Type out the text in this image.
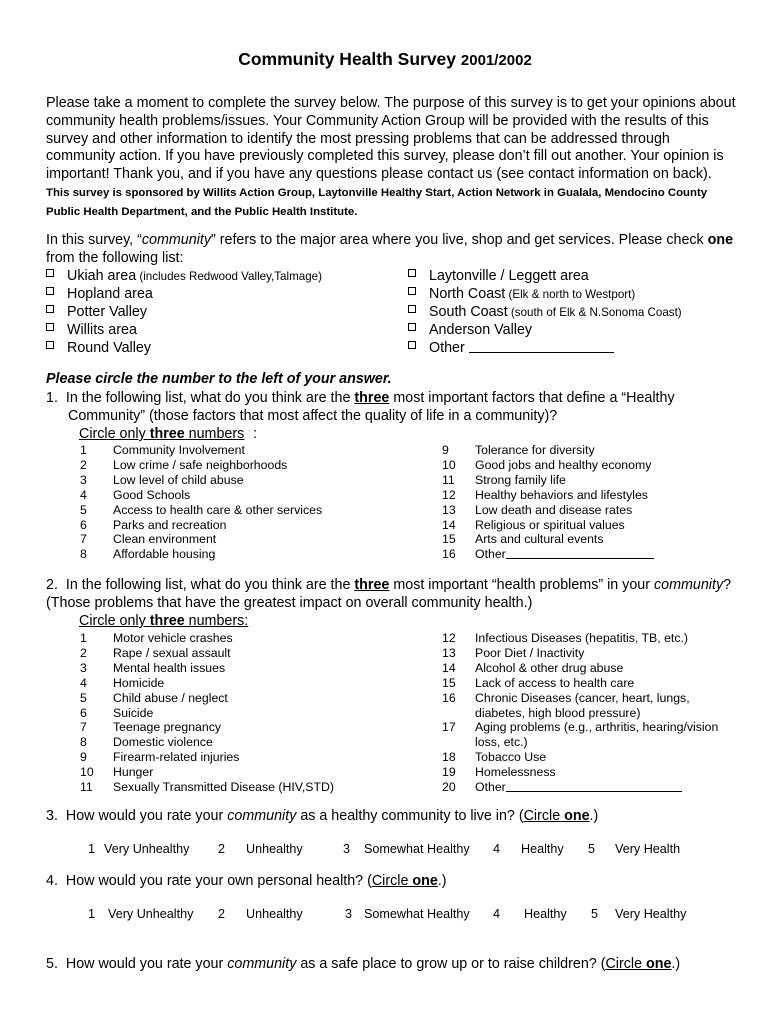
Community Health Survey 2001/2002
Please take a moment to complete the survey below. The purpose of this survey is to get your opinions about community health problems/issues. Your Community Action Group will be provided with the results of this survey and other information to identify the most pressing problems that can be addressed through community action. If you have previously completed this survey, please don’t fill out another. Your opinion is important! Thank you, and if you have any questions please contact us (see contact information on back). This survey is sponsored by Willits Action Group, Laytonville Healthy Start, Action Network in Gualala, Mendocino County Public Health Department, and the Public Health Institute.
In this survey, “community” refers to the major area where you live, shop and get services. Please check one from the following list:
Ukiah area (includes Redwood Valley,Talmage)
Hopland area
Potter Valley
Willits area
Round Valley
Laytonville / Leggett area
North Coast (Elk & north to Westport)
South Coast (south of Elk & N.Sonoma Coast)
Anderson Valley
Other
Please circle the number to the left of your answer.
1. In the following list, what do you think are the three most important factors that define a “Healthy Community” (those factors that most affect the quality of life in a community)?
Circle only three numbers :
1 Community Involvement
2 Low crime / safe neighborhoods
3 Low level of child abuse
4 Good Schools
5 Access to health care & other services
6 Parks and recreation
7 Clean environment
8 Affordable housing
9 Tolerance for diversity
10 Good jobs and healthy economy
11 Strong family life
12 Healthy behaviors and lifestyles
13 Low death and disease rates
14 Religious or spiritual values
15 Arts and cultural events
16 Other
2. In the following list, what do you think are the three most important “health problems” in your community? (Those problems that have the greatest impact on overall community health.)
Circle only three numbers:
1 Motor vehicle crashes
2 Rape / sexual assault
3 Mental health issues
4 Homicide
5 Child abuse / neglect
6 Suicide
7 Teenage pregnancy
8 Domestic violence
9 Firearm-related injuries
10 Hunger
11 Sexually Transmitted Disease (HIV,STD)
12 Infectious Diseases (hepatitis, TB, etc.)
13 Poor Diet / Inactivity
14 Alcohol & other drug abuse
15 Lack of access to health care
16 Chronic Diseases (cancer, heart, lungs,
diabetes, high blood pressure)
17 Aging problems (e.g., arthritis, hearing/vision
loss, etc.)
18 Tobacco Use
19 Homelessness
20 Other
3. How would you rate your community as a healthy community to live in? (Circle one.)
1 Very Unhealthy 2 Unhealthy	3 Somewhat Healthy 4 Healthy 5 Very Health
4. How would you rate your own personal health? (Circle one.)
1 Very Unhealthy 2 Unhealthy	3 Somewhat Healthy 4 Healthy 5 Very Healthy
5. How would you rate your community as a safe place to grow up or to raise children? (Circle one.)
